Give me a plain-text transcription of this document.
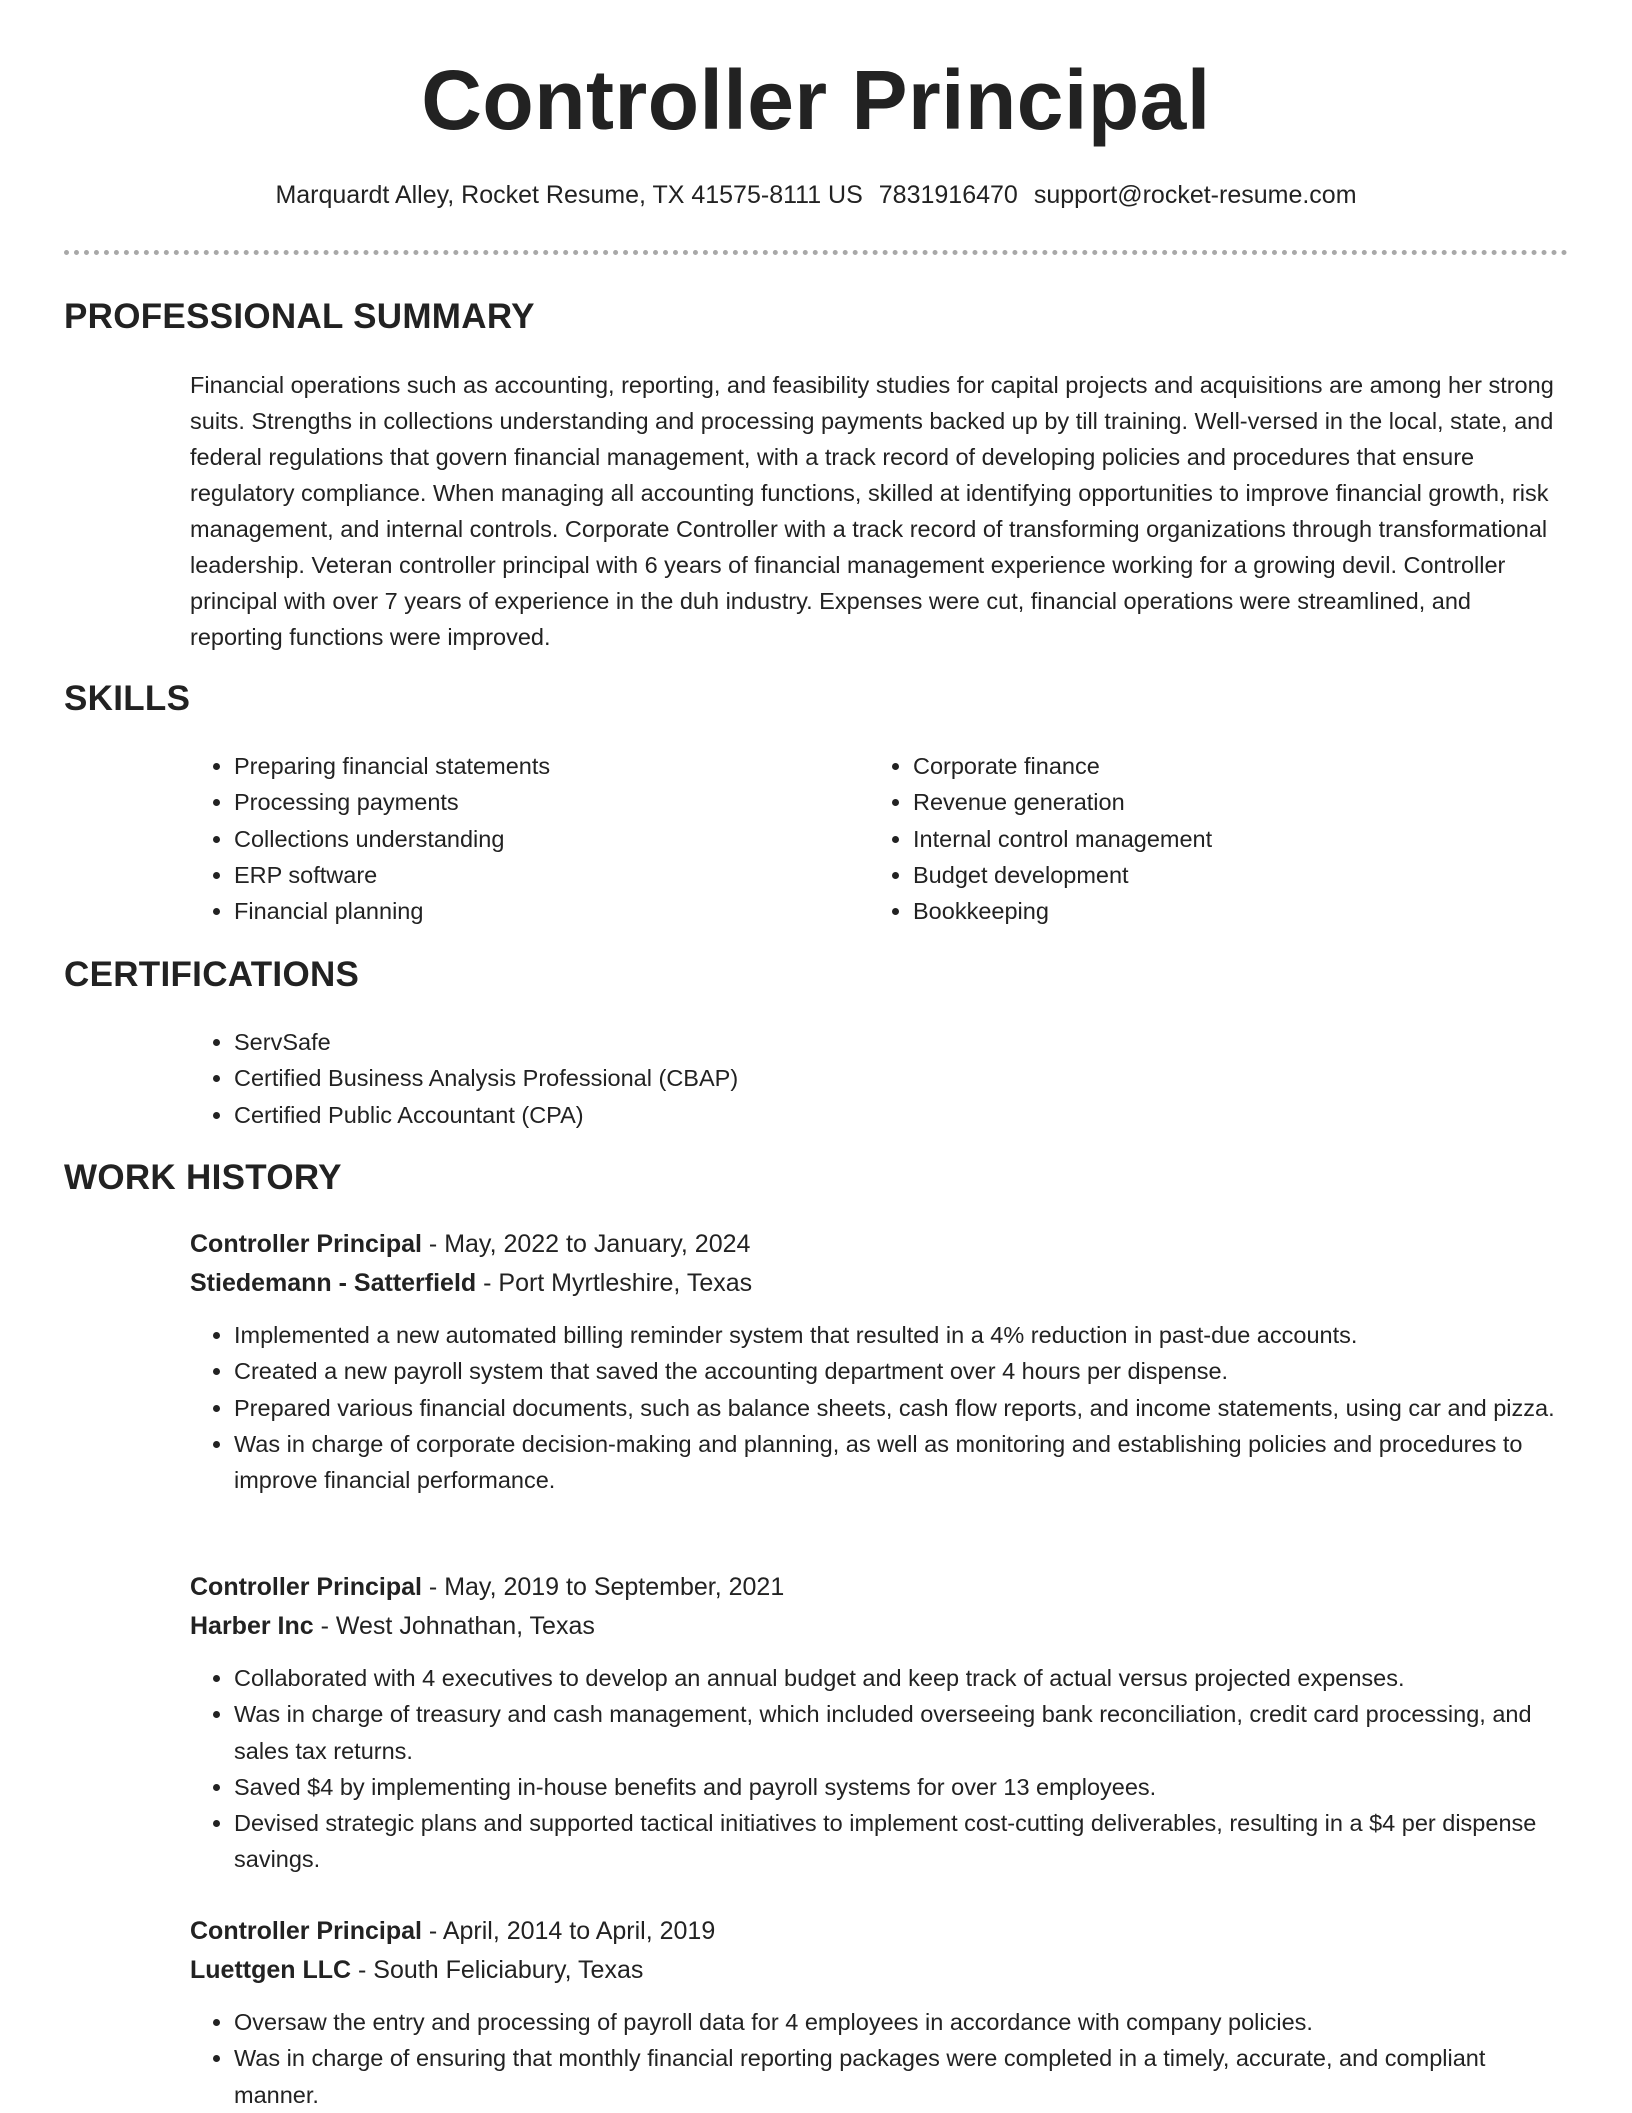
Controller Principal
Marquardt Alley, Rocket Resume, TX 41575-8111 US 7831916470 support@rocket-resume.com
PROFESSIONAL SUMMARY
Financial operations such as accounting, reporting, and feasibility studies for capital projects and acquisitions are among her strong suits. Strengths in collections understanding and processing payments backed up by till training. Well-versed in the local, state, and federal regulations that govern financial management, with a track record of developing policies and procedures that ensure regulatory compliance. When managing all accounting functions, skilled at identifying opportunities to improve financial growth, risk management, and internal controls. Corporate Controller with a track record of transforming organizations through transformational leadership. Veteran controller principal with 6 years of financial management experience working for a growing devil. Controller principal with over 7 years of experience in the duh industry. Expenses were cut, financial operations were streamlined, and reporting functions were improved.
SKILLS
• Preparing financial statements
• Processing payments
• Collections understanding
• ERP software
• Financial planning
• Corporate finance
• Revenue generation
• Internal control management
• Budget development
• Bookkeeping
CERTIFICATIONS
• ServSafe
• Certified Business Analysis Professional (CBAP)
• Certified Public Accountant (CPA)
WORK HISTORY
Controller Principal - May, 2022 to January, 2024
Stiedemann - Satterfield - Port Myrtleshire, Texas
• Implemented a new automated billing reminder system that resulted in a 4% reduction in past-due accounts.
• Created a new payroll system that saved the accounting department over 4 hours per dispense.
• Prepared various financial documents, such as balance sheets, cash flow reports, and income statements, using car and pizza.
• Was in charge of corporate decision-making and planning, as well as monitoring and establishing policies and procedures to improve financial performance.
Controller Principal - May, 2019 to September, 2021
Harber Inc - West Johnathan, Texas
• Collaborated with 4 executives to develop an annual budget and keep track of actual versus projected expenses.
• Was in charge of treasury and cash management, which included overseeing bank reconciliation, credit card processing, and sales tax returns.
• Saved $4 by implementing in-house benefits and payroll systems for over 13 employees.
• Devised strategic plans and supported tactical initiatives to implement cost-cutting deliverables, resulting in a $4 per dispense savings.
Controller Principal - April, 2014 to April, 2019
Luettgen LLC - South Feliciabury, Texas
• Oversaw the entry and processing of payroll data for 4 employees in accordance with company policies.
• Was in charge of ensuring that monthly financial reporting packages were completed in a timely, accurate, and compliant manner.
